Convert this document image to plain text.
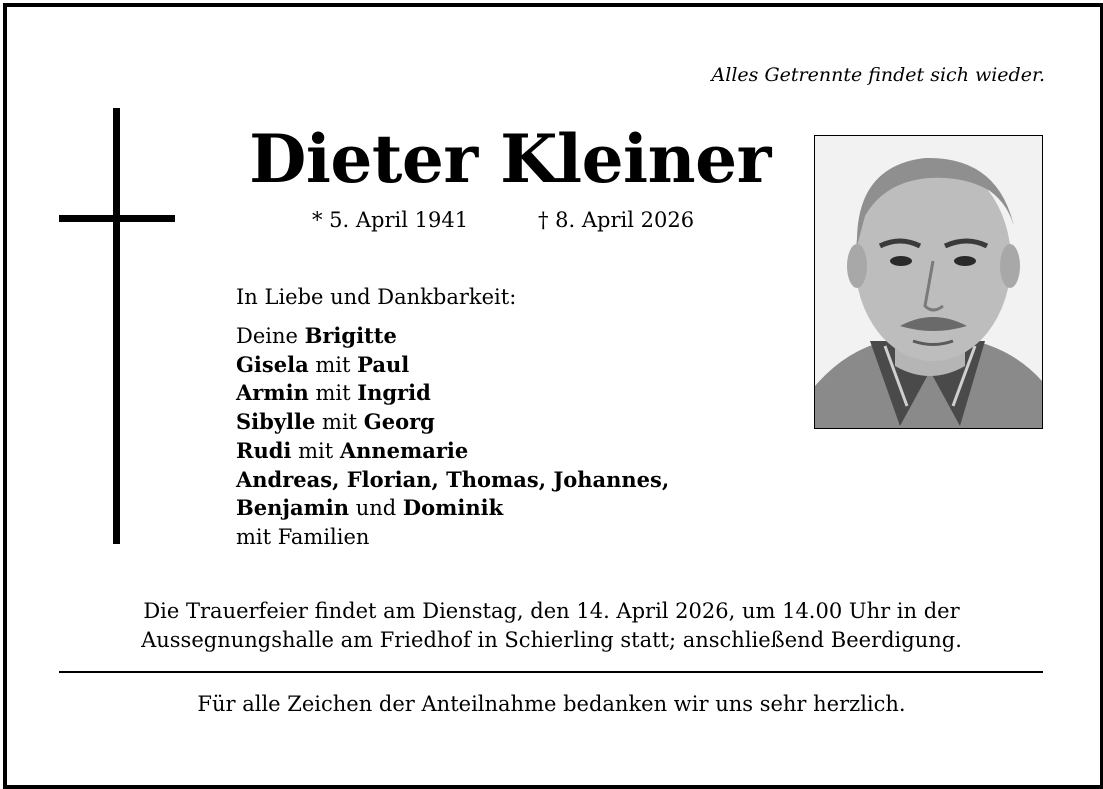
Alles Getrennte findet sich wieder.
Dieter Kleiner
* 5. April 1941	† 8. April 2026
In Liebe und Dankbarkeit:
Deine Brigitte
Gisela mit Paul
Armin mit Ingrid
Sibylle mit Georg
Rudi mit Annemarie
Andreas, Florian, Thomas, Johannes,
Benjamin und Dominik
mit Familien
Die Trauerfeier findet am Dienstag, den 14. April 2026, um 14.00 Uhr in der
Aussegnungshalle am Friedhof in Schierling statt; anschließend Beerdigung.
Für alle Zeichen der Anteilnahme bedanken wir uns sehr herzlich.
